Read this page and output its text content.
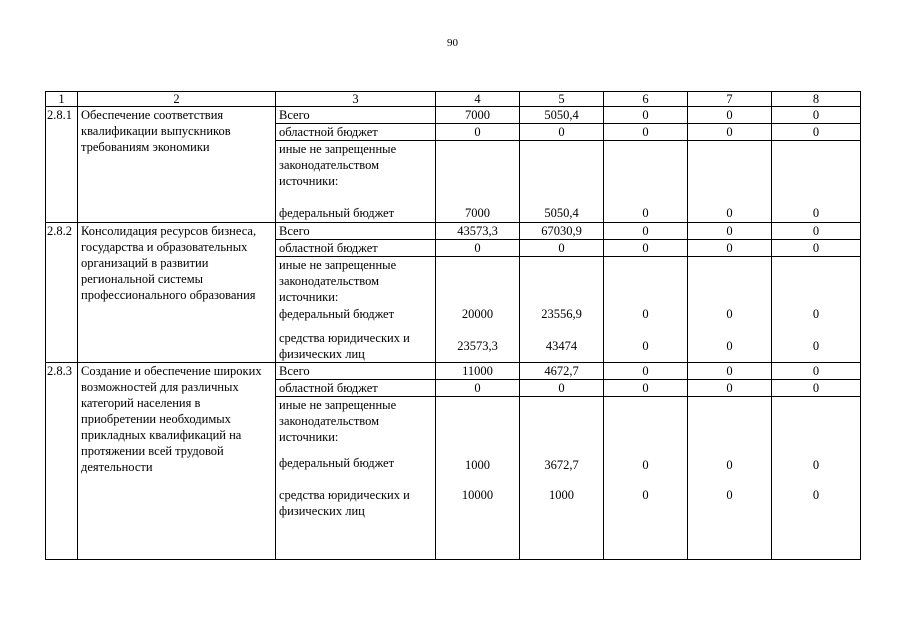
90
1	2	3	4	5	6	7	8
2.8.1	Обеспечение соответствия квалификации выпускников требованиям экономики	Всего	7000	5050,4	0	0	0
		областной бюджет	0	0	0	0	0
		иные не запрещенные законодательством источники:					
		федеральный бюджет	7000	5050,4	0	0	0
2.8.2	Консолидация ресурсов бизнеса, государства и образовательных организаций в развитии региональной системы профессионального образования	Всего	43573,3	67030,9	0	0	0
		областной бюджет	0	0	0	0	0
		иные не запрещенные законодательством источники:					
		федеральный бюджет	20000	23556,9	0	0	0
		средства юридических и физических лиц	23573,3	43474	0	0	0
2.8.3	Создание и обеспечение широких возможностей для различных категорий населения в приобретении необходимых прикладных квалификаций на протяжении всей трудовой деятельности	Всего	11000	4672,7	0	0	0
		областной бюджет	0	0	0	0	0
		иные не запрещенные законодательством источники:					
		федеральный бюджет	1000	3672,7	0	0	0
		средства юридических и физических лиц	10000	1000	0	0	0
